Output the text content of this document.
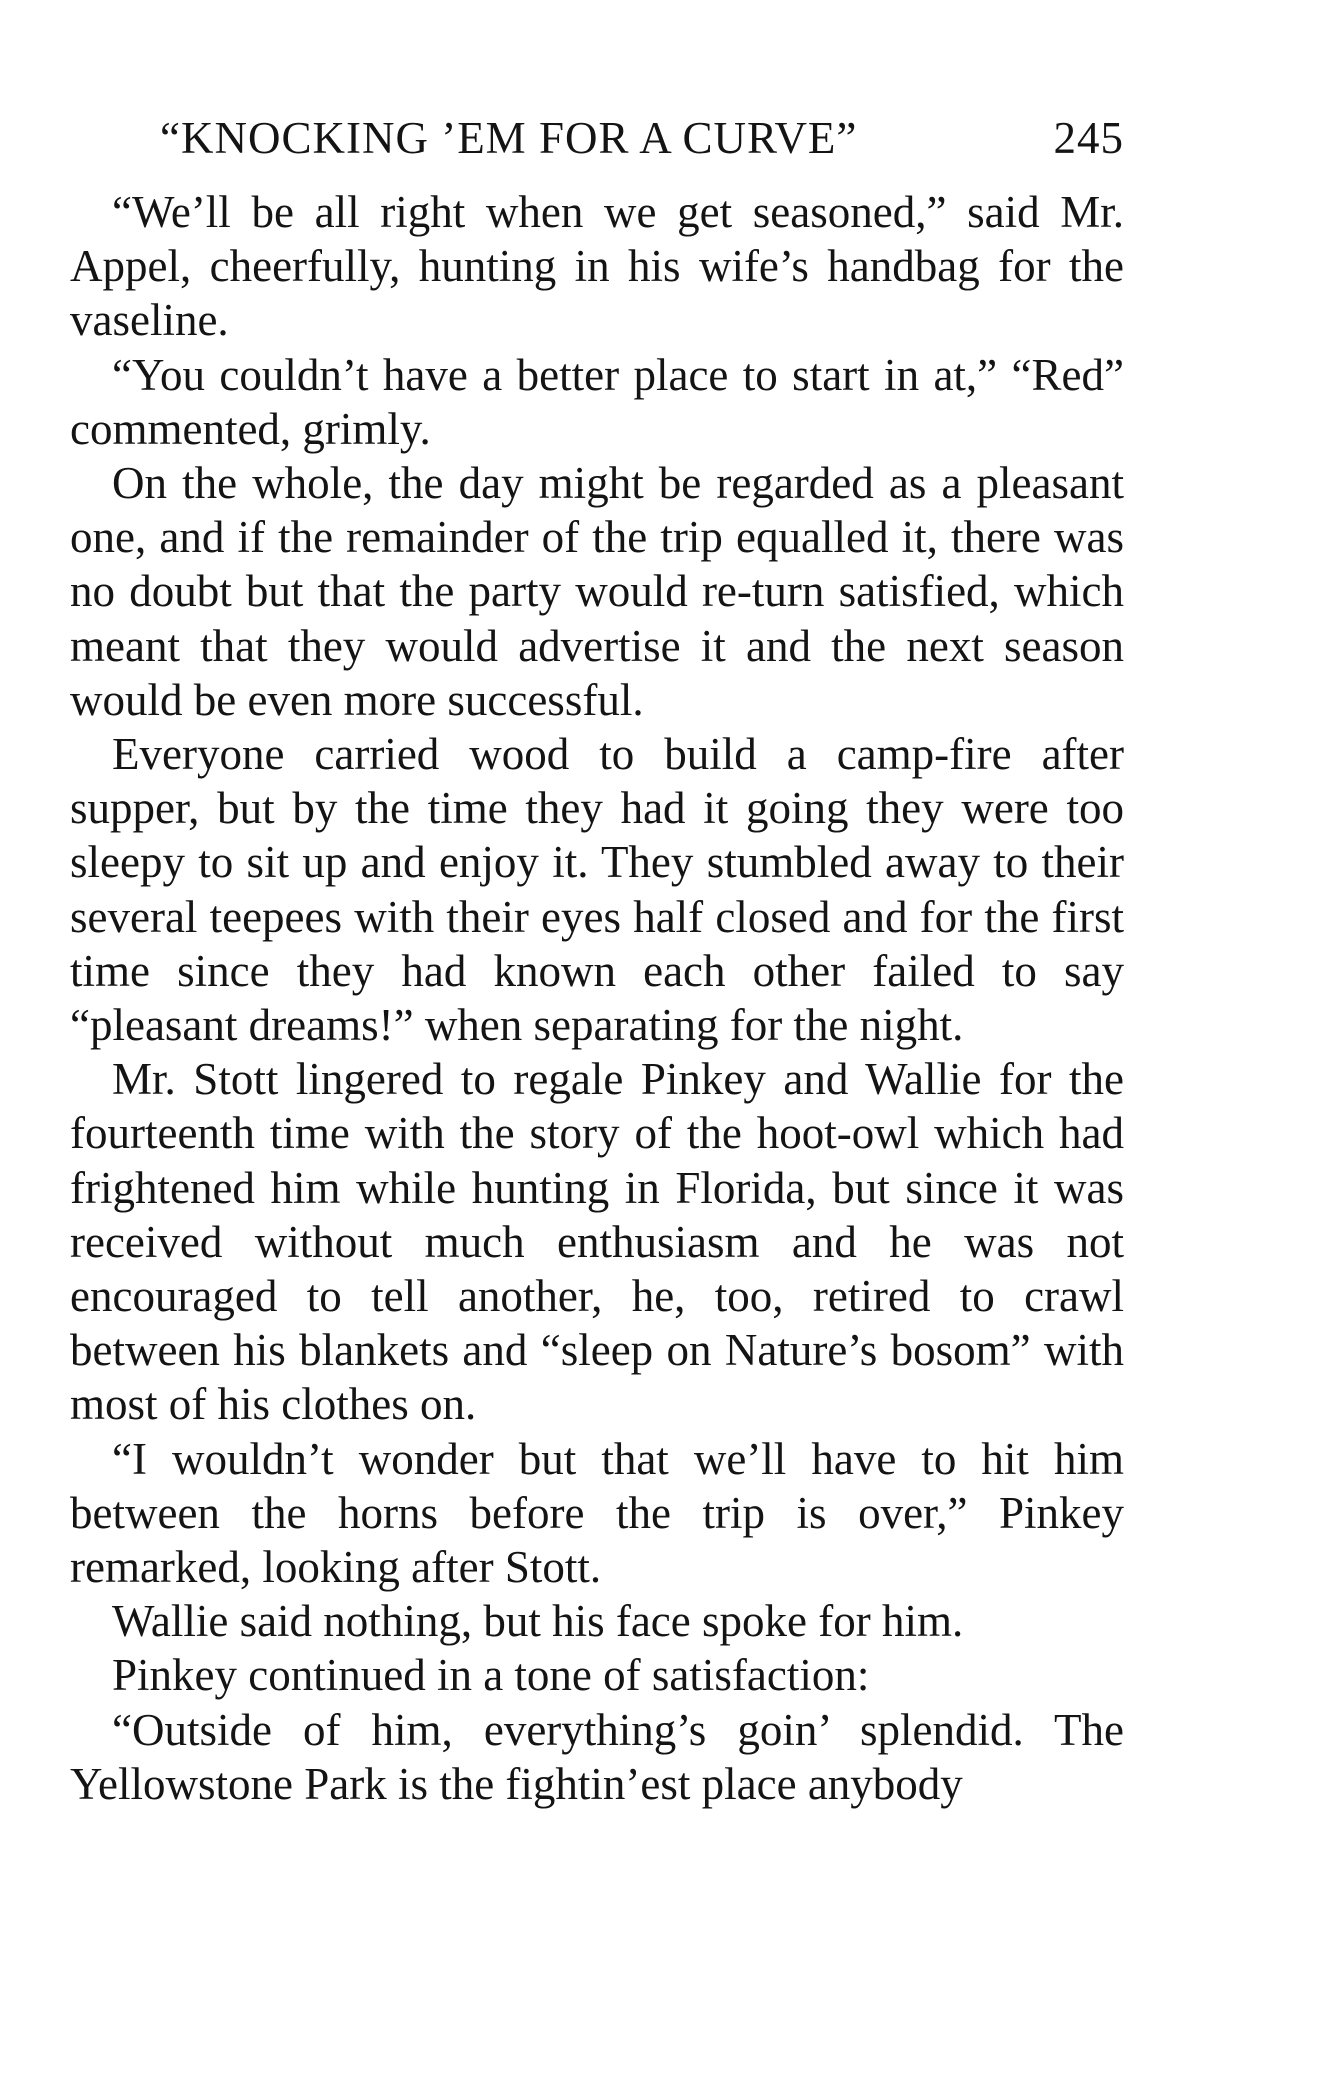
“KNOCKING ’EM FOR A CURVE”	245

“We’ll be all right when we get seasoned,” said Mr. Appel, cheerfully, hunting in his wife’s handbag for the vaseline.

“You couldn’t have a better place to start in at,” “Red” commented, grimly.

On the whole, the day might be regarded as a pleasant one, and if the remainder of the trip equalled it, there was no doubt but that the party would re-turn satisfied, which meant that they would advertise it and the next season would be even more successful.

Everyone carried wood to build a camp-fire after supper, but by the time they had it going they were too sleepy to sit up and enjoy it. They stumbled away to their several teepees with their eyes half closed and for the first time since they had known each other failed to say “pleasant dreams!” when separating for the night.

Mr. Stott lingered to regale Pinkey and Wallie for the fourteenth time with the story of the hoot-owl which had frightened him while hunting in Florida, but since it was received without much enthusiasm and he was not encouraged to tell another, he, too, retired to crawl between his blankets and “sleep on Nature’s bosom” with most of his clothes on.

“I wouldn’t wonder but that we’ll have to hit him between the horns before the trip is over,” Pinkey remarked, looking after Stott.

Wallie said nothing, but his face spoke for him.

Pinkey continued in a tone of satisfaction:

“Outside of him, everything’s goin’ splendid. The Yellowstone Park is the fightin’est place anybody
